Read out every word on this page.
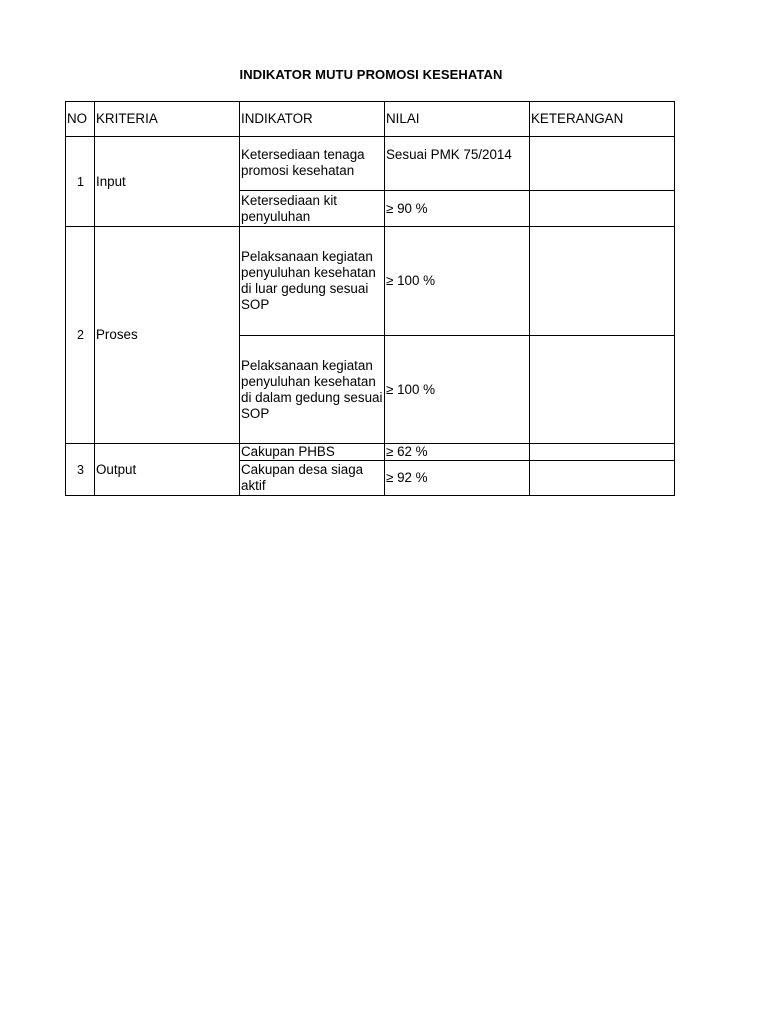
INDIKATOR MUTU PROMOSI KESEHATAN
NO	KRITERIA	INDIKATOR	NILAI	KETERANGAN
1	Input	Ketersediaan tenaga promosi kesehatan	Sesuai PMK 75/2014	
		Ketersediaan kit penyuluhan	≥ 90 %	
2	Proses	Pelaksanaan kegiatan penyuluhan kesehatan di luar gedung sesuai SOP	≥ 100 %	
		Pelaksanaan kegiatan penyuluhan kesehatan di dalam gedung sesuai SOP	≥ 100 %	
3	Output	Cakupan PHBS	≥ 62 %	
		Cakupan desa siaga aktif	≥ 92 %	
